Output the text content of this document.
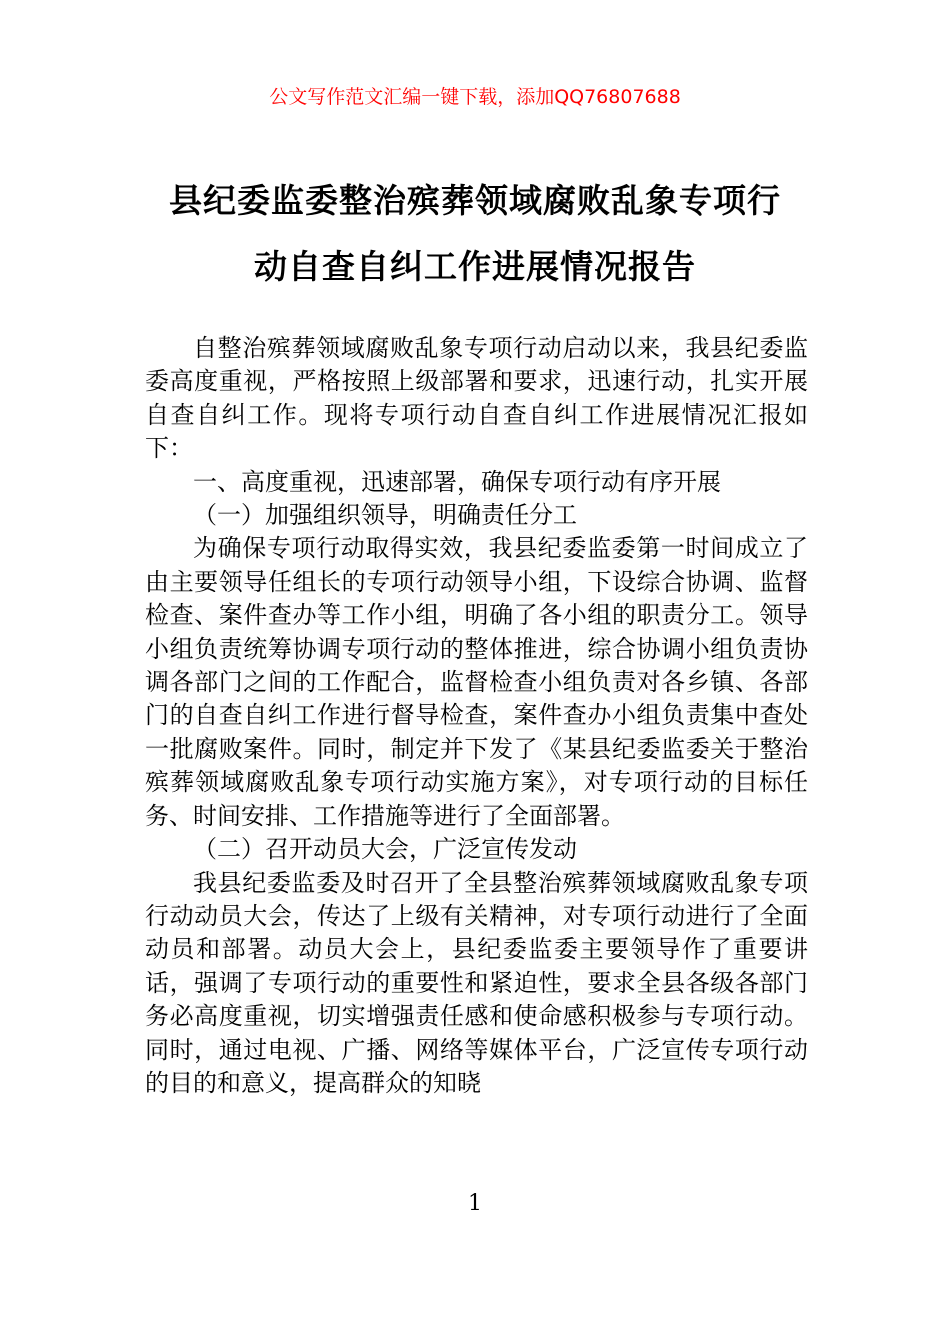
公文写作范文汇编一键下载，添加QQ76807688
县纪委监委整治殡葬领域腐败乱象专项行
动自查自纠工作进展情况报告

自整治殡葬领域腐败乱象专项行动启动以来，我县纪委监委高度重视，严格按照上级部署和要求，迅速行动，扎实开展自查自纠工作。现将专项行动自查自纠工作进展情况汇报如下：

一、高度重视，迅速部署，确保专项行动有序开展

（一）加强组织领导，明确责任分工

为确保专项行动取得实效，我县纪委监委第一时间成立了由主要领导任组长的专项行动领导小组，下设综合协调、监督检查、案件查办等工作小组，明确了各小组的职责分工。领导小组负责统筹协调专项行动的整体推进，综合协调小组负责协调各部门之间的工作配合，监督检查小组负责对各乡镇、各部门的自查自纠工作进行督导检查，案件查办小组负责集中查处一批腐败案件。同时，制定并下发了《某县纪委监委关于整治殡葬领域腐败乱象专项行动实施方案》，对专项行动的目标任务、时间安排、工作措施等进行了全面部署。

（二）召开动员大会，广泛宣传发动

我县纪委监委及时召开了全县整治殡葬领域腐败乱象专项行动动员大会，传达了上级有关精神，对专项行动进行了全面动员和部署。动员大会上，县纪委监委主要领导作了重要讲话，强调了专项行动的重要性和紧迫性，要求全县各级各部门务必高度重视，切实增强责任感和使命感积极参与专项行动。同时，通过电视、广播、网络等媒体平台，广泛宣传专项行动的目的和意义，提高群众的知晓

1
